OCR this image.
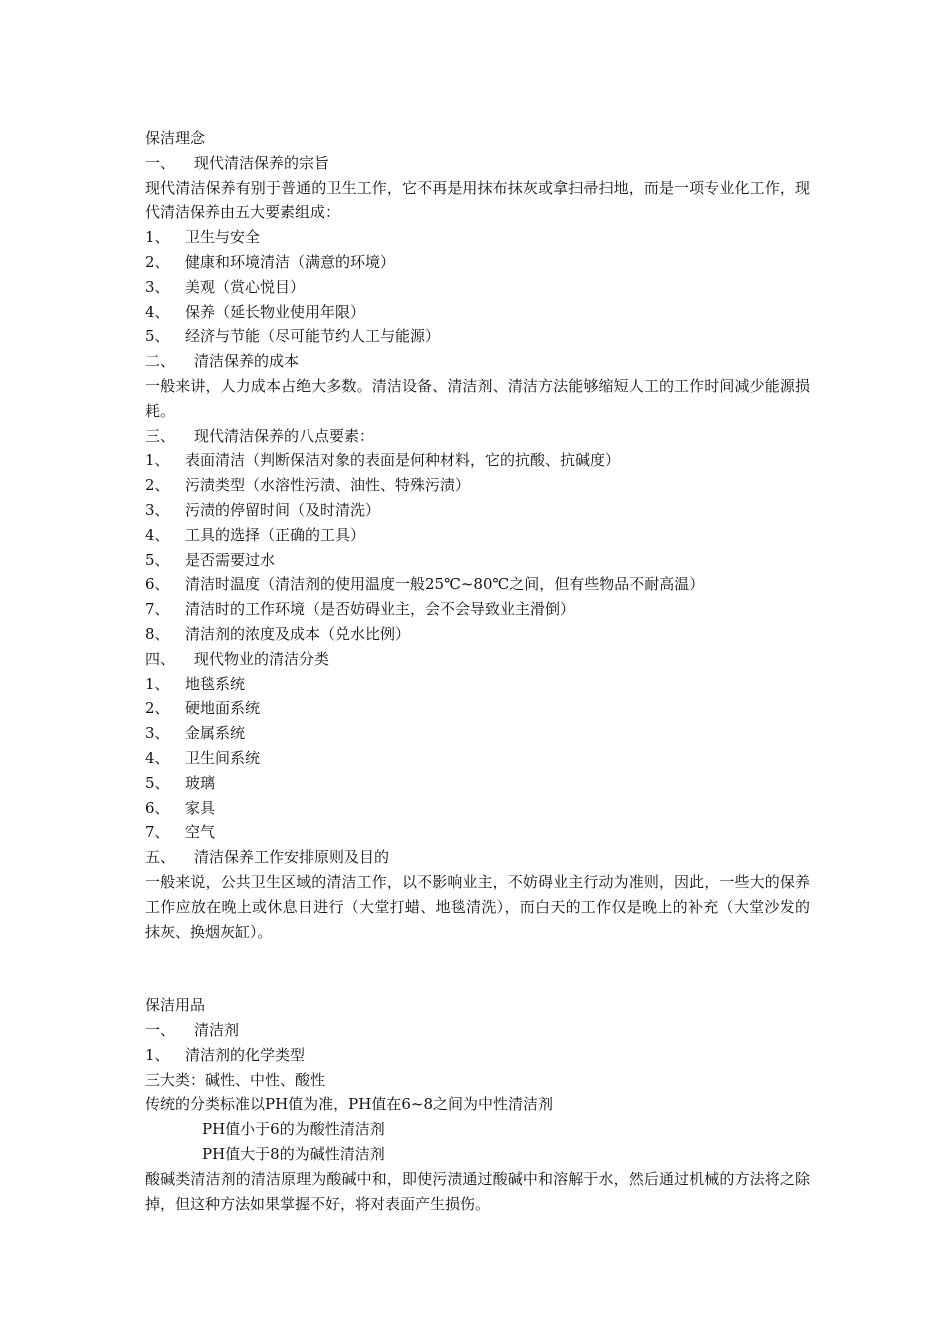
保洁理念

一、 现代清洁保养的宗旨

现代清洁保养有别于普通的卫生工作，它不再是用抹布抹灰或拿扫帚扫地，而是一项专业化工作，现代清洁保养由五大要素组成：

1、 卫生与安全

2、 健康和环境清洁（满意的环境）

3、 美观（赏心悦目）

4、 保养（延长物业使用年限）

5、 经济与节能（尽可能节约人工与能源）

二、 清洁保养的成本

一般来讲，人力成本占绝大多数。清洁设备、清洁剂、清洁方法能够缩短人工的工作时间减少能源损耗。

三、 现代清洁保养的八点要素：

1、 表面清洁（判断保洁对象的表面是何种材料，它的抗酸、抗碱度）

2、 污渍类型（水溶性污渍、油性、特殊污渍）

3、 污渍的停留时间（及时清洗）

4、 工具的选择（正确的工具）

5、 是否需要过水

6、 清洁时温度（清洁剂的使用温度一般25℃~80℃之间，但有些物品不耐高温）

7、 清洁时的工作环境（是否妨碍业主，会不会导致业主滑倒）

8、 清洁剂的浓度及成本（兑水比例）

四、 现代物业的清洁分类

1、 地毯系统

2、 硬地面系统

3、 金属系统

4、 卫生间系统

5、 玻璃

6、 家具

7、 空气

五、 清洁保养工作安排原则及目的

一般来说，公共卫生区域的清洁工作，以不影响业主，不妨碍业主行动为准则，因此，一些大的保养工作应放在晚上或休息日进行（大堂打蜡、地毯清洗），而白天的工作仅是晚上的补充（大堂沙发的抹灰、换烟灰缸）。

保洁用品

一、 清洁剂

1、 清洁剂的化学类型

三大类：碱性、中性、酸性

传统的分类标准以PH值为准，PH值在6~8之间为中性清洁剂

PH值小于6的为酸性清洁剂

PH值大于8的为碱性清洁剂

酸碱类清洁剂的清洁原理为酸碱中和，即使污渍通过酸碱中和溶解于水，然后通过机械的方法将之除掉，但这种方法如果掌握不好，将对表面产生损伤。
